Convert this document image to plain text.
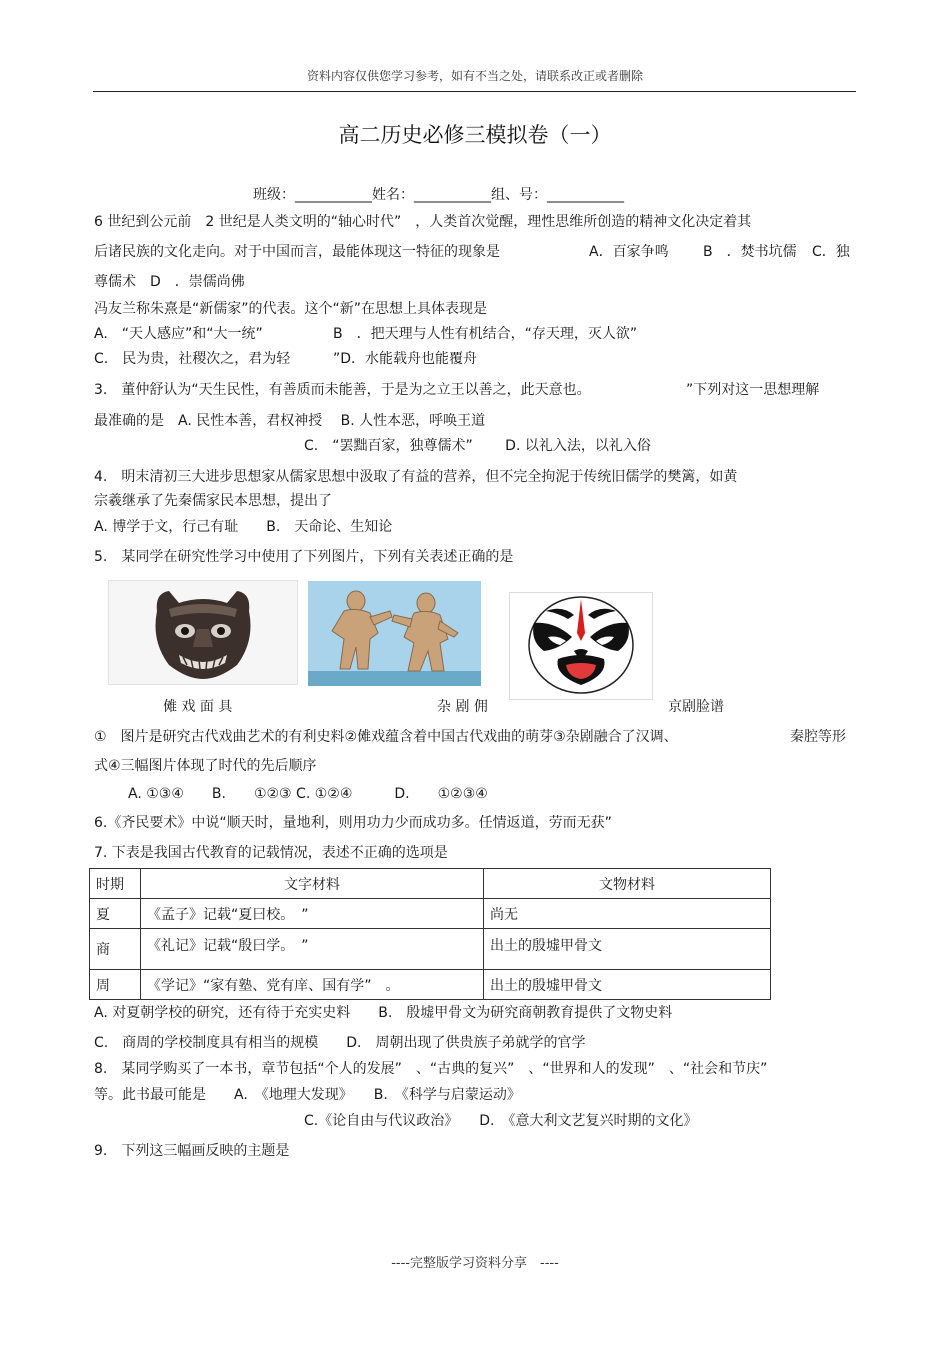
资料内容仅供您学习参考，如有不当之处，请联系改正或者删除
高二历史必修三模拟卷（一）
班级：___________姓名：___________组、号：___________
6 世纪到公元前　2 世纪是人类文明的“轴心时代”　，人类首次觉醒，理性思维所创造的精神文化决定着其
后诸民族的文化走向。对于中国而言，最能体现这一特征的现象是	A．百家争鸣 B　．焚书坑儒 C．独
尊儒术　D　．崇儒尚佛
冯友兰称朱熹是“新儒家”的代表。这个“新”在思想上具体表现是
A.　“天人感应”和“大一统”	B　．把天理与人性有机结合，“存天理，灭人欲”
C.　民为贵，社稷次之，君为轻	”D．水能载舟也能覆舟
3.　董仲舒认为“天生民性，有善质而未能善，于是为之立王以善之，此天意也。	”下列对这一思想理解
最准确的是　A. 民性本善，君权神授　 B. 人性本恶，呼唤王道
C.　“罢黜百家，独尊儒术”　　 D. 以礼入法，以礼入俗
4.　明末清初三大进步思想家从儒家思想中汲取了有益的营养，但不完全拘泥于传统旧儒学的樊篱，如黄
宗羲继承了先秦儒家民本思想，提出了
A. 博学于文，行己有耻　　B.　天命论、生知论
5.　某同学在研究性学习中使用了下列图片，下列有关表述正确的是
傩 戏 面 具	杂 剧 佣	京剧脸谱
①　图片是研究古代戏曲艺术的有利史料②傩戏蕴含着中国古代戏曲的萌芽③杂剧融合了汉调、	秦腔等形
式④三幅图片体现了时代的先后顺序
A. ①③④　　B.　　①②③ C. ①②④　　　D.　　①②③④
6.《齐民要术》中说“顺天时，量地利，则用功力少而成功多。任情返道，劳而无获”
7. 下表是我国古代教育的记载情况，表述不正确的选项是
时期	文字材料	文物材料
夏	《孟子》记载“夏曰校。　”	尚无
商	《礼记》记载“殷曰学。　”	出土的殷墟甲骨文
周	《学记》“家有塾、党有庠、国有学”　。	出土的殷墟甲骨文
A. 对夏朝学校的研究，还有待于充实史料　　B.　殷墟甲骨文为研究商朝教育提供了文物史料
C.　商周的学校制度具有相当的规模　　D.　周朝出现了供贵族子弟就学的官学
8.　某同学购买了一本书，章节包括“个人的发展”　、“古典的复兴”　、“世界和人的发现”　、“社会和节庆”
等。此书最可能是　　A.　《地理大发现》　　B.　《科学与启蒙运动》
C.《论自由与代议政治》　　D.　《意大利文艺复兴时期的文化》
9.　下列这三幅画反映的主题是
----完整版学习资料分享　----
